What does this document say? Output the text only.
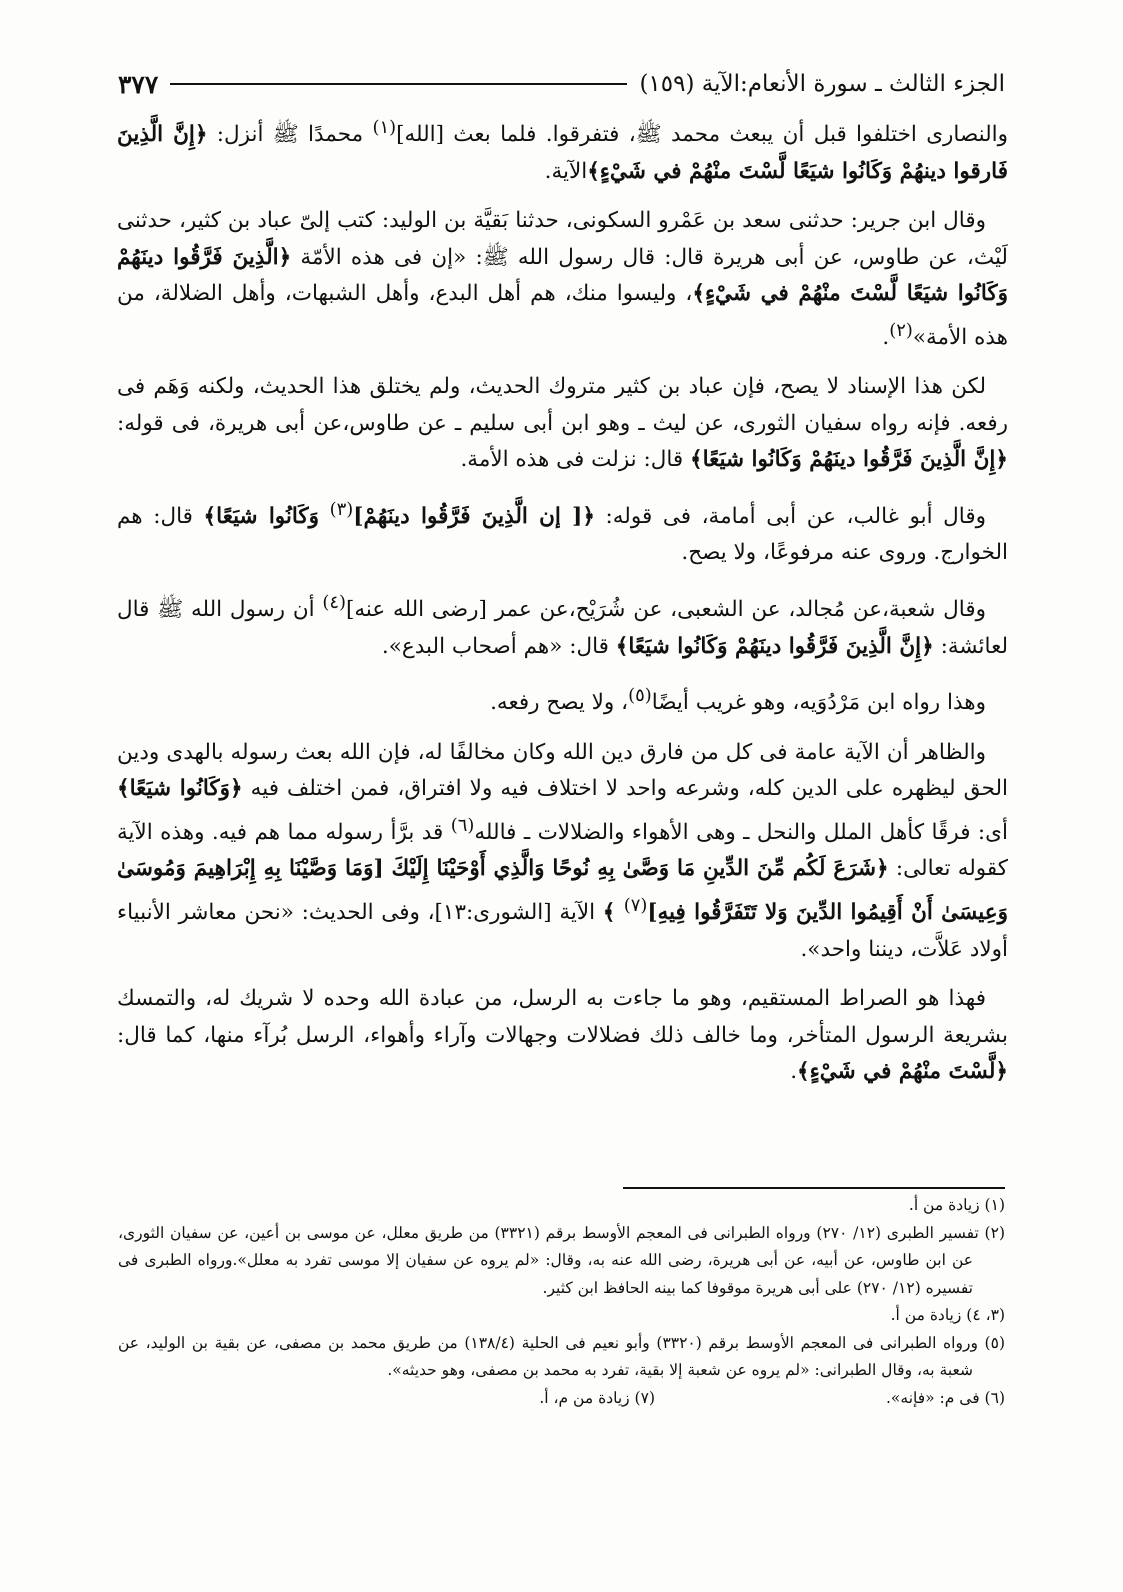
الجزء الثالث ـ سورة الأنعام:الآية (١٥٩)
٣٧٧

والنصارى اختلفوا قبل أن يبعث محمد ﷺ، فتفرقوا. فلما بعث [الله]$^{(١)}$ محمدًا ﷺ أنزل: ﴿إِنَّ الَّذِينَ فَارقوا دينهُمْ وَكَانُوا شيَعًا لَّسْتَ منْهُمْ في شَيْءٍ﴾الآية.

وقال ابن جرير: حدثنى سعد بن عَمْرو السكونى، حدثنا بَقيَّة بن الوليد: كتب إلىّ عباد بن كثير، حدثنى لَيْث، عن طاوس، عن أبى هريرة قال: قال رسول الله ﷺ: «إن فى هذه الأمّة ﴿الَّذِينَ فَرَّقُوا دينَهُمْ وَكَانُوا شيَعًا لَّسْتَ منْهُمْ في شَيْءٍ﴾، وليسوا منك، هم أهل البدع، وأهل الشبهات، وأهل الضلالة، من هذه الأمة»$^{(٢)}$.

لكن هذا الإسناد لا يصح، فإن عباد بن كثير متروك الحديث، ولم يختلق هذا الحديث، ولكنه وَهَم فى رفعه. فإنه رواه سفيان الثورى، عن ليث ـ وهو ابن أبى سليم ـ عن طاوس،عن أبى هريرة، فى قوله: ﴿إِنَّ الَّذِينَ فَرَّقُوا دينَهُمْ وَكَانُوا شيَعًا﴾ قال: نزلت فى هذه الأمة.

وقال أبو غالب، عن أبى أمامة، فى قوله: ﴿[ إن الَّذِينَ فَرَّقُوا دينَهُمْ]$^{(٣)}$ وَكَانُوا شيَعًا﴾ قال: هم الخوارج. وروى عنه مرفوعًا، ولا يصح.

وقال شعبة،عن مُجالد، عن الشعبى، عن شُرَيْح،عن عمر [رضى الله عنه]$^{(٤)}$ أن رسول الله ﷺ قال لعائشة: ﴿إِنَّ الَّذِينَ فَرَّقُوا دينَهُمْ وَكَانُوا شيَعًا﴾ قال: «هم أصحاب البدع».

وهذا رواه ابن مَرْدُوَيه، وهو غريب أيضًا$^{(٥)}$، ولا يصح رفعه.

والظاهر أن الآية عامة فى كل من فارق دين الله وكان مخالفًا له، فإن الله بعث رسوله بالهدى ودين الحق ليظهره على الدين كله، وشرعه واحد لا اختلاف فيه ولا افتراق، فمن اختلف فيه ﴿وَكَانُوا شيَعًا﴾ أى: فرقًا كأهل الملل والنحل ـ وهى الأهواء والضلالات ـ فالله$^{(٦)}$ قد برَّأ رسوله مما هم فيه. وهذه الآية كقوله تعالى: ﴿شَرَعَ لَكُم مِّنَ الدِّينِ مَا وَصَّىٰ بِهِ نُوحًا وَالَّذِي أَوْحَيْنَا إِلَيْكَ [وَمَا وَصَّيْنَا بِهِ إِبْرَاهِيمَ وَمُوسَىٰ وَعِيسَىٰ أَنْ أَقِيمُوا الدِّينَ وَلا تَتَفَرَّقُوا فِيهِ]$^{(٧)}$ ﴾ الآية [الشورى:١٣]، وفى الحديث: «نحن معاشر الأنبياء أولاد عَلاَّت، ديننا واحد».

فهذا هو الصراط المستقيم، وهو ما جاءت به الرسل، من عبادة الله وحده لا شريك له، والتمسك بشريعة الرسول المتأخر، وما خالف ذلك فضلالات وجهالات وآراء وأهواء، الرسل بُرآء منها، كما قال: ﴿لَّسْتَ منْهُمْ في شَيْءٍ﴾.

(١) زيادة من أ.

(٢) تفسير الطبرى (١٢/ ٢٧٠) ورواه الطبرانى فى المعجم الأوسط برقم (٣٣٢١) من طريق معلل، عن موسى بن أعين، عن سفيان الثورى، عن ابن طاوس، عن أبيه، عن أبى هريرة، رضى الله عنه به، وقال: «لم يروه عن سفيان إلا موسى تفرد به معلل».ورواه الطبرى فى تفسيره (١٢/ ٢٧٠) على أبى هريرة موقوفا كما بينه الحافظ ابن كثير.

(٣، ٤) زيادة من أ.

(٥) ورواه الطبرانى فى المعجم الأوسط برقم (٣٣٢٠) وأبو نعيم فى الحلية (١٣٨/٤) من طريق محمد بن مصفى، عن بقية بن الوليد، عن شعبة به، وقال الطبرانى: «لم يروه عن شعبة إلا بقية، تفرد به محمد بن مصفى، وهو حديثه».

(٦) فى م: «فإنه».
(٧) زيادة من م، أ.
